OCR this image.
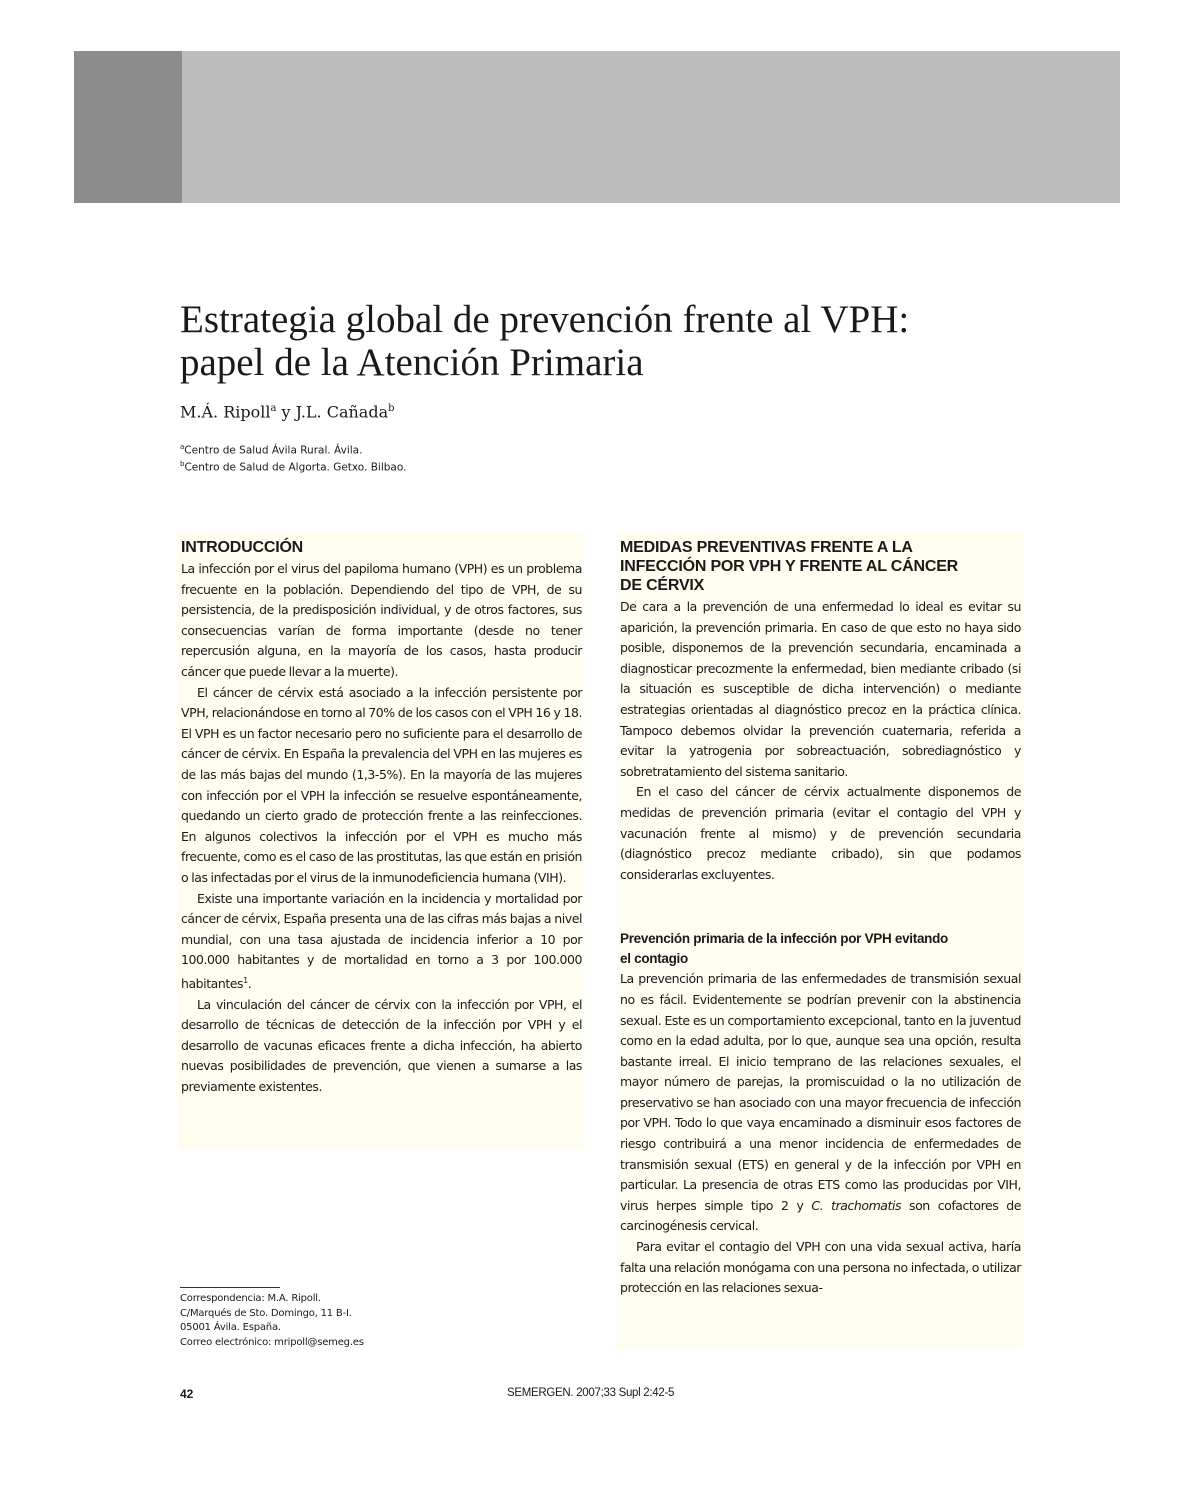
Estrategia global de prevención frente al VPH:
papel de la Atención Primaria
M.Á. Ripoll$^a$ y J.L. Cañada$^b$
$^a$Centro de Salud Ávila Rural. Ávila.
$^b$Centro de Salud de Algorta. Getxo. Bilbao.
INTRODUCCIÓN

La infección por el virus del papiloma humano (VPH) es un problema frecuente en la población. Dependiendo del tipo de VPH, de su persistencia, de la predisposición individual, y de otros factores, sus consecuencias varían de forma importante (desde no tener repercusión alguna, en la mayoría de los casos, hasta producir cáncer que puede llevar a la muerte).

El cáncer de cérvix está asociado a la infección persistente por VPH, relacionándose en torno al 70% de los casos con el VPH 16 y 18. El VPH es un factor necesario pero no suficiente para el desarrollo de cáncer de cérvix. En España la prevalencia del VPH en las mujeres es de las más bajas del mundo (1,3-5%). En la mayoría de las mujeres con infección por el VPH la infección se resuelve espontáneamente, quedando un cierto grado de protección frente a las reinfecciones. En algunos colectivos la infección por el VPH es mucho más frecuente, como es el caso de las prostitutas, las que están en prisión o las infectadas por el virus de la inmunodeficiencia humana (VIH).

Existe una importante variación en la incidencia y mortalidad por cáncer de cérvix, España presenta una de las cifras más bajas a nivel mundial, con una tasa ajustada de incidencia inferior a 10 por 100.000 habitantes y de mortalidad en torno a 3 por 100.000 habitantes$^1$.

La vinculación del cáncer de cérvix con la infección por VPH, el desarrollo de técnicas de detección de la infección por VPH y el desarrollo de vacunas eficaces frente a dicha infección, ha abierto nuevas posibilidades de prevención, que vienen a sumarse a las previamente existentes.

MEDIDAS PREVENTIVAS FRENTE A LA
INFECCIÓN POR VPH Y FRENTE AL CÁNCER
DE CÉRVIX

De cara a la prevención de una enfermedad lo ideal es evitar su aparición, la prevención primaria. En caso de que esto no haya sido posible, disponemos de la prevención secundaria, encaminada a diagnosticar precozmente la enfermedad, bien mediante cribado (si la situación es susceptible de dicha intervención) o mediante estrategias orientadas al diagnóstico precoz en la práctica clínica. Tampoco debemos olvidar la prevención cuaternaria, referida a evitar la yatrogenia por sobreactuación, sobrediagnóstico y sobretratamiento del sistema sanitario.

En el caso del cáncer de cérvix actualmente disponemos de medidas de prevención primaria (evitar el contagio del VPH y vacunación frente al mismo) y de prevención secundaria (diagnóstico precoz mediante cribado), sin que podamos considerarlas excluyentes.

Prevención primaria de la infección por VPH evitando
el contagio

La prevención primaria de las enfermedades de transmisión sexual no es fácil. Evidentemente se podrían prevenir con la abstinencia sexual. Este es un comportamiento excepcional, tanto en la juventud como en la edad adulta, por lo que, aunque sea una opción, resulta bastante irreal. El inicio temprano de las relaciones sexuales, el mayor número de parejas, la promiscuidad o la no utilización de preservativo se han asociado con una mayor frecuencia de infección por VPH. Todo lo que vaya encaminado a disminuir esos factores de riesgo contribuirá a una menor incidencia de enfermedades de transmisión sexual (ETS) en general y de la infección por VPH en particular. La presencia de otras ETS como las producidas por VIH, virus herpes simple tipo 2 y C. trachomatis son cofactores de carcinogénesis cervical.

Para evitar el contagio del VPH con una vida sexual activa, haría falta una relación monógama con una persona no infectada, o utilizar protección en las relaciones sexua-

Correspondencia: M.A. Ripoll.
C/Marqués de Sto. Domingo, 11 B-I.
05001 Ávila. España.
Correo electrónico: mripoll@semeg.es
42	SEMERGEN. 2007;33 Supl 2:42-5
